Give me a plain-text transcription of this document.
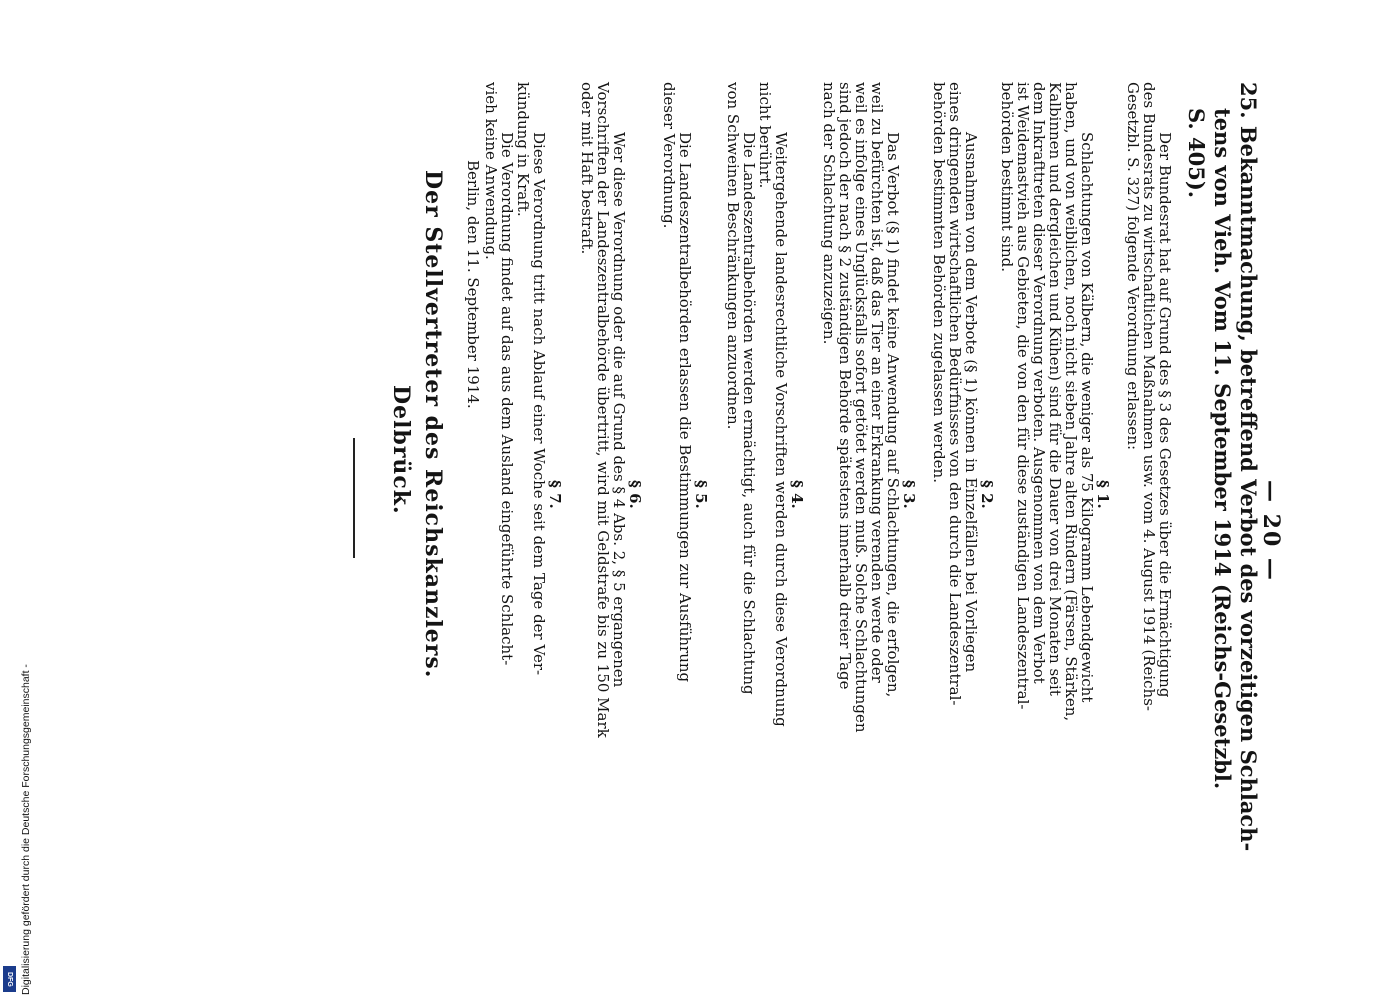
— 20 —
25. Bekanntmachung, betreffend Verbot des vorzeitigen Schlach-
tens von Vieh. Vom 11. September 1914 (Reichs-Gesetzbl.
S. 405).
Der Bundesrat hat auf Grund des § 3 des Gesetzes über die Ermächtigung
des Bundesrats zu wirtschaftlichen Maßnahmen usw. vom 4. August 1914 (Reichs-
Gesetzbl. S. 327) folgende Verordnung erlassen:
§ 1.
Schlachtungen von Kälbern, die weniger als 75 Kilogramm Lebendgewicht
haben, und von weiblichen, noch nicht sieben Jahre alten Rindern (Färsen, Stärken,
Kalbinnen und dergleichen und Kühen) sind für die Dauer von drei Monaten seit
dem Inkrafttreten dieser Verordnung verboten. Ausgenommen von dem Verbot
ist Weidemastvieh aus Gebieten, die von den für diese zuständigen Landeszentral-
behörden bestimmt sind.
§ 2.
Ausnahmen von dem Verbote (§ 1) können in Einzelfällen bei Vorliegen
eines dringenden wirtschaftlichen Bedürfnisses von den durch die Landeszentral-
behörden bestimmten Behörden zugelassen werden.
§ 3.
Das Verbot (§ 1) findet keine Anwendung auf Schlachtungen, die erfolgen,
weil zu befürchten ist, daß das Tier an einer Erkrankung verenden werde oder
weil es infolge eines Unglücksfalls sofort getötet werden muß. Solche Schlachtungen
sind jedoch der nach § 2 zuständigen Behörde spätestens innerhalb dreier Tage
nach der Schlachtung anzuzeigen.
§ 4.
Weitergehende landesrechtliche Vorschriften werden durch diese Verordnung
nicht berührt.
Die Landeszentralbehörden werden ermächtigt, auch für die Schlachtung
von Schweinen Beschränkungen anzuordnen.
§ 5.
Die Landeszentralbehörden erlassen die Bestimmungen zur Ausführung
dieser Verordnung.
§ 6.
Wer diese Verordnung oder die auf Grund des § 4 Abs. 2, § 5 ergangenen
Vorschriften der Landeszentralbehörde übertritt, wird mit Geldstrafe bis zu 150 Mark
oder mit Haft bestraft.
§ 7.
Diese Verordnung tritt nach Ablauf einer Woche seit dem Tage der Ver-
kündung in Kraft.
Die Verordnung findet auf das aus dem Ausland eingeführte Schlacht-
vieh keine Anwendung.
Berlin, den 11. September 1914.
Der Stellvertreter des Reichskanzlers.
Delbrück.
DFG Digitalisierung gefördert durch die Deutsche Forschungsgemeinschaft -
